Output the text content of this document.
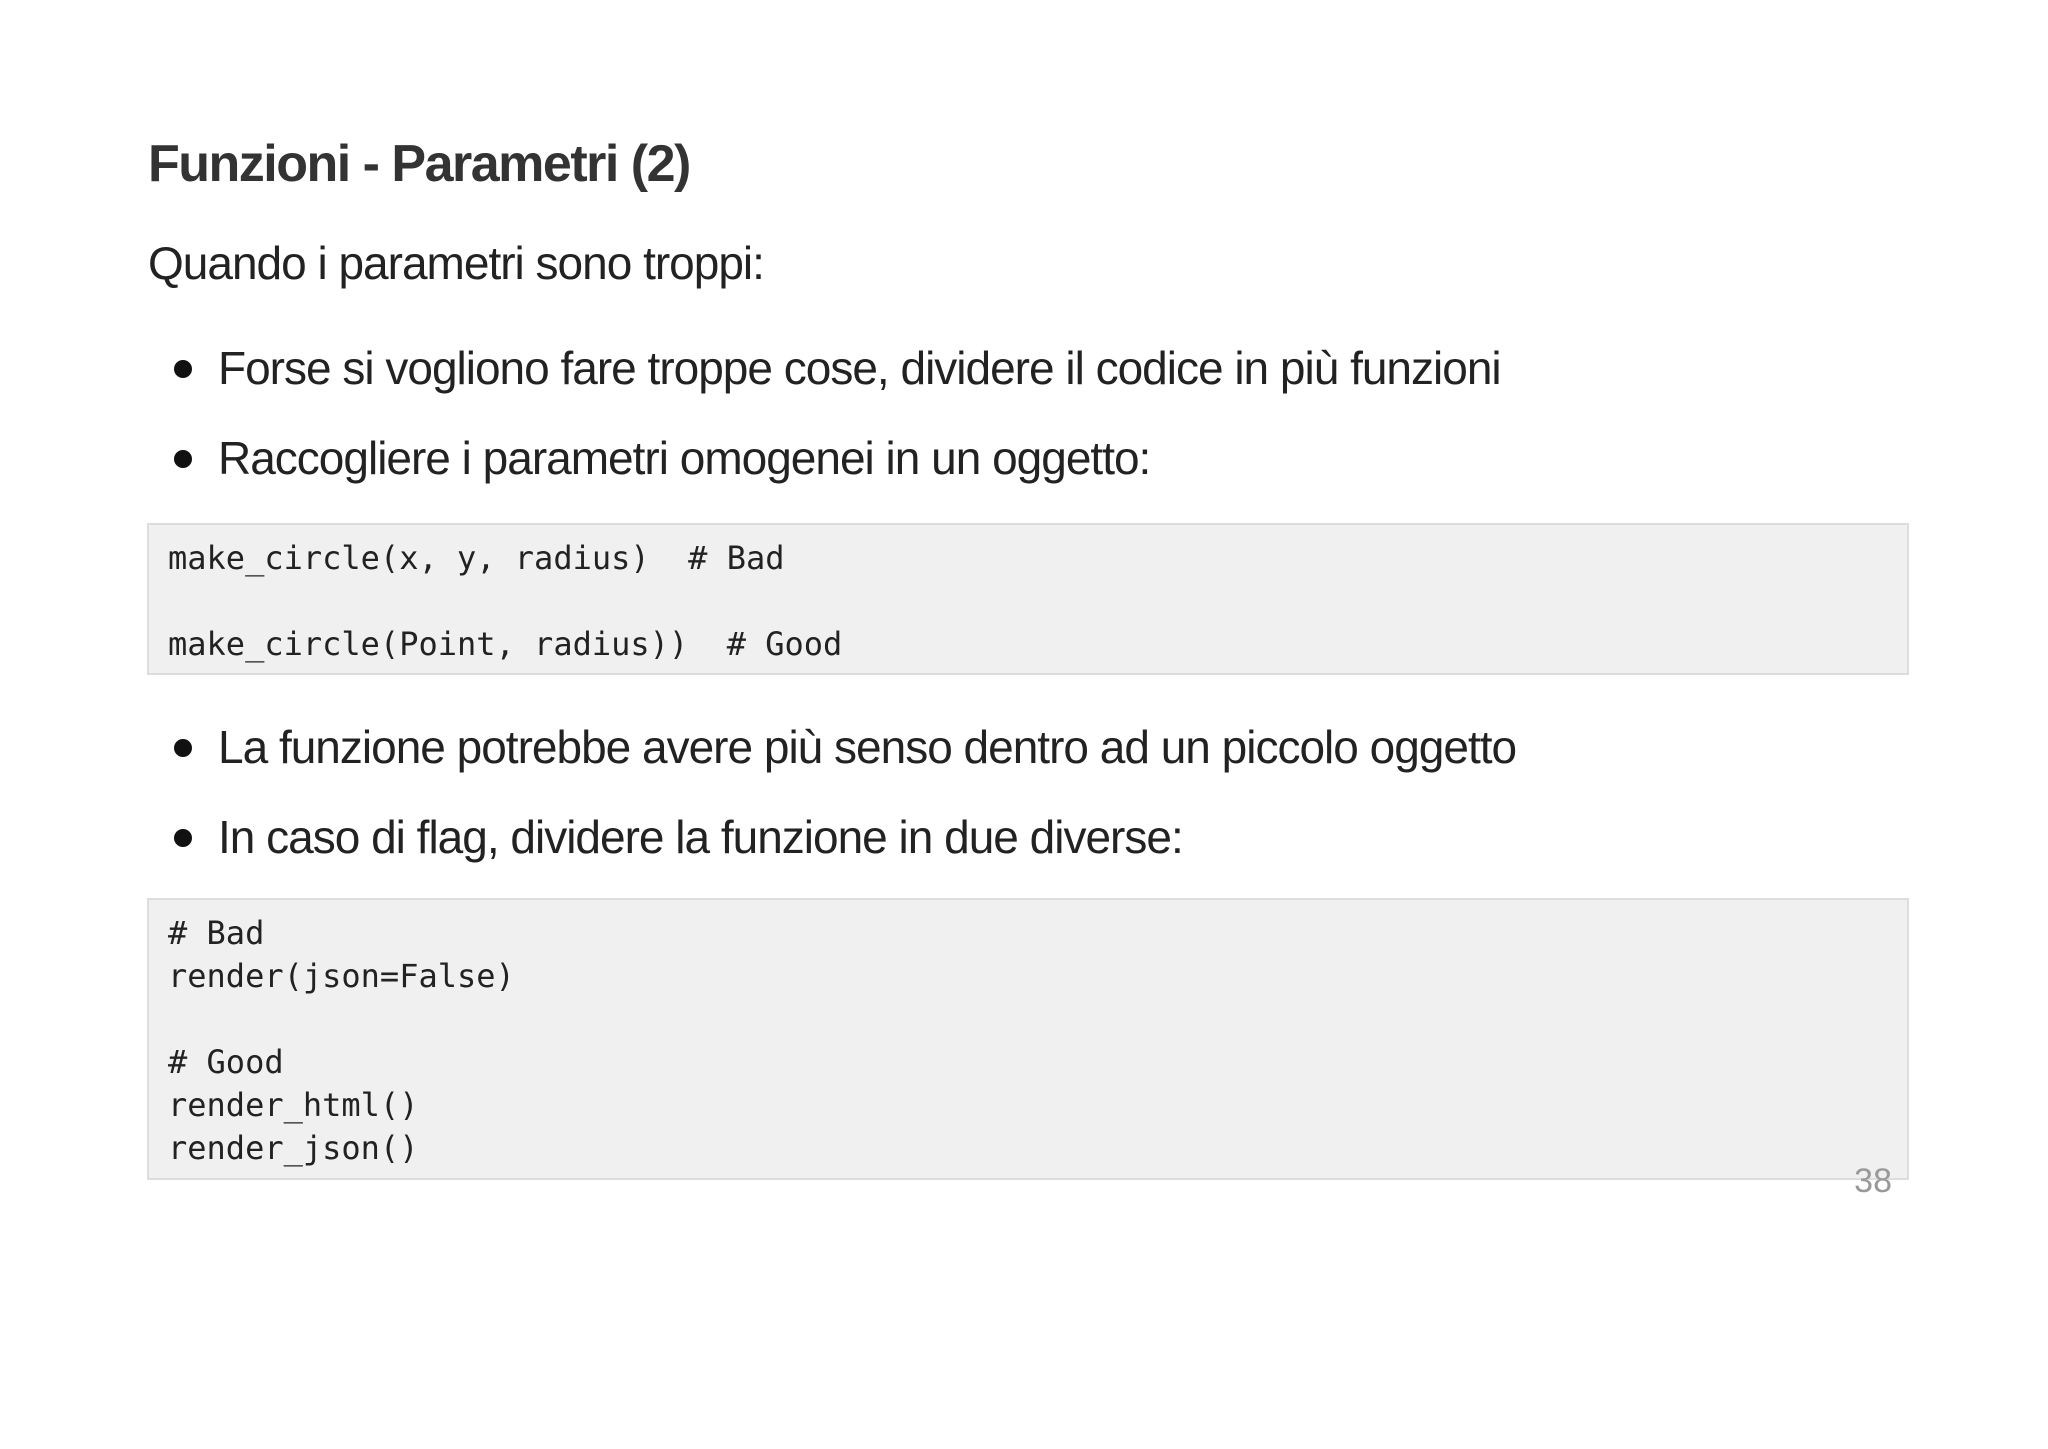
Funzioni - Parametri (2)

Quando i parametri sono troppi:

Forse si vogliono fare troppe cose, dividere il codice in più funzioni
Raccogliere i parametri omogenei in un oggetto:
make_circle(x, y, radius)  # Bad
make_circle(Point, radius))  # Good
La funzione potrebbe avere più senso dentro ad un piccolo oggetto
In caso di flag, dividere la funzione in due diverse:
# Bad
render(json=False)
# Good
render_html()
render_json()
38
